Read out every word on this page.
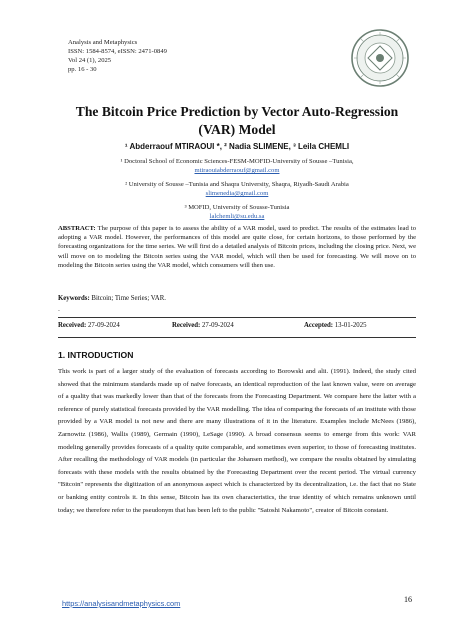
Analysis and Metaphysics
ISSN: 1584-8574, eISSN: 2471-0849
Vol 24 (1), 2025
pp. 16 - 30
The Bitcoin Price Prediction by Vector Auto-Regression (VAR) Model
¹ Abderraouf MTIRAOUI *, ² Nadia SLIMENE, ³ Leila CHEMLI
¹ Doctoral School of Economic Sciences-FESM-MOFID-University of Sousse –Tunisia,
mtiraouiabderraouf@gmail.com
² University of Sousse –Tunisia and Shaqra University, Shaqra, Riyadh-Saudi Arabia
slimenedia@gmail.com
³ MOFID, University of Sousse-Tunisia
lalchemli@su.edu.sa
ABSTRACT: The purpose of this paper is to assess the ability of a VAR model, used to predict. The results of the estimates lead to adopting a VAR model. However, the performances of this model are quite close, for certain horizons, to those performed by the forecasting organizations for the time series. We will first do a detailed analysis of Bitcoin prices, including the closing price. Next, we will move on to modeling the Bitcoin series using the VAR model, which will then be used for forecasting. We will move on to modeling the Bitcoin series using the VAR model, which consumers will then use.
Keywords: Bitcoin; Time Series; VAR.
.
Received: 27-09-2024	Received: 27-09-2024	Accepted: 13-01-2025
1. INTRODUCTION
This work is part of a larger study of the evaluation of forecasts according to Borowski and alii. (1991). Indeed, the study cited showed that the minimum standards made up of naïve forecasts, an identical reproduction of the last known value, were on average of a quality that was markedly lower than that of the forecasts from the Forecasting Department. We compare here the latter with a reference of purely statistical forecasts provided by the VAR modelling. The idea of comparing the forecasts of an institute with those provided by a VAR model is not new and there are many illustrations of it in the literature. Examples include McNees (1986), Zarnowitz (1986), Wallis (1989), Germain (1990), LeSage (1990). A broad consensus seems to emerge from this work: VAR modeling generally provides forecasts of a quality quite comparable, and sometimes even superior, to those of forecasting institutes. After recalling the methodology of VAR models (in particular the Johansen method), we compare the results obtained by simulating forecasts with these models with the results obtained by the Forecasting Department over the recent period. The virtual currency "Bitcoin" represents the digitization of an anonymous aspect which is characterized by its decentralization, i.e. the fact that no State or banking entity controls it. In this sense, Bitcoin has its own characteristics, the true identity of which remains unknown until today; we therefore refer to the pseudonym that has been left to the public "Satoshi Nakamoto", creator of Bitcoin constant.
https://analysisandmetaphysics.com	16
